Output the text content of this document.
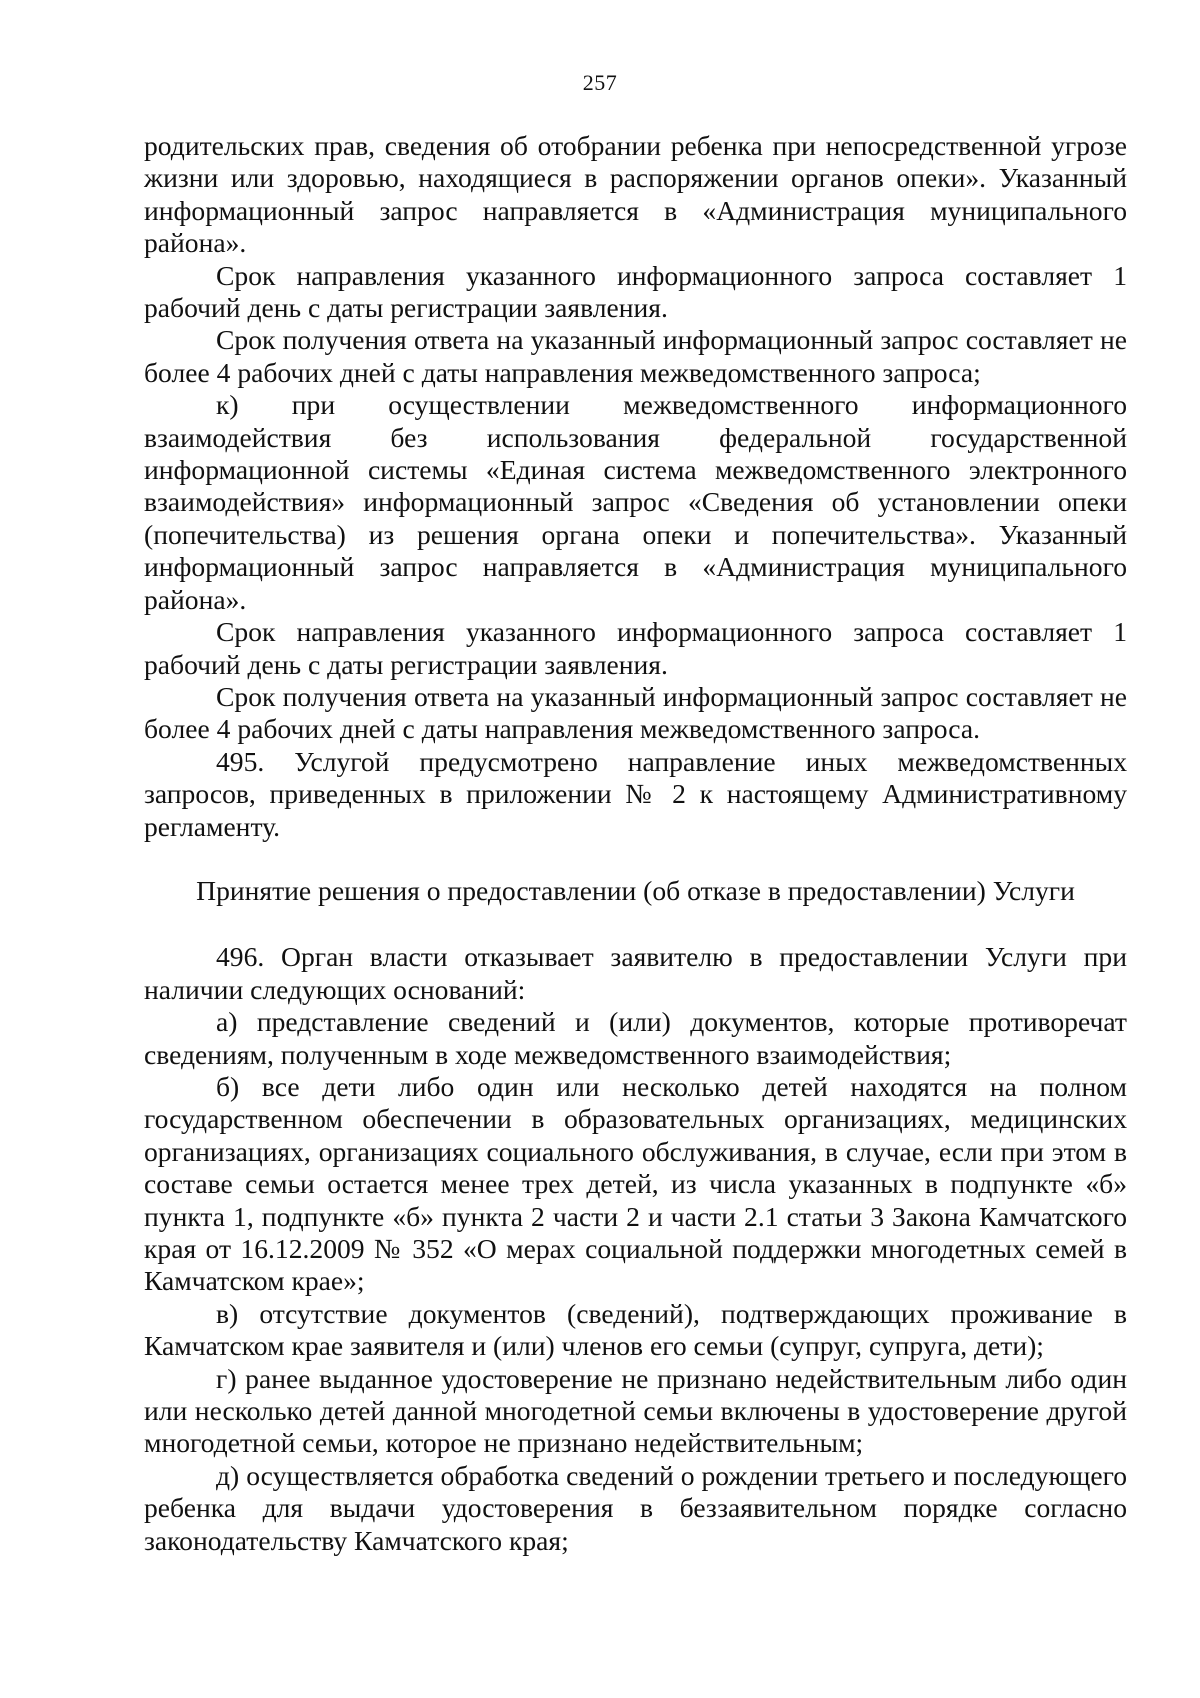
257

родительских прав, сведения об отобрании ребенка при непосредственной угрозе жизни или здоровью, находящиеся в распоряжении органов опеки». Указанный информационный запрос направляется в «Администрация муниципального района».

Срок направления указанного информационного запроса составляет 1 рабочий день с даты регистрации заявления.

Срок получения ответа на указанный информационный запрос составляет не более 4 рабочих дней с даты направления межведомственного запроса;

к) при осуществлении межведомственного информационного взаимодействия без использования федеральной государственной информационной системы «Единая система межведомственного электронного взаимодействия» информационный запрос «Сведения об установлении опеки (попечительства) из решения органа опеки и попечительства». Указанный информационный запрос направляется в «Администрация муниципального района».

Срок направления указанного информационного запроса составляет 1 рабочий день с даты регистрации заявления.

Срок получения ответа на указанный информационный запрос составляет не более 4 рабочих дней с даты направления межведомственного запроса.

495. Услугой предусмотрено направление иных межведомственных запросов, приведенных в приложении № 2 к настоящему Административному регламенту.

Принятие решения о предоставлении (об отказе в предоставлении) Услуги

496. Орган власти отказывает заявителю в предоставлении Услуги при наличии следующих оснований:

а) представление сведений и (или) документов, которые противоречат сведениям, полученным в ходе межведомственного взаимодействия;

б) все дети либо один или несколько детей находятся на полном государственном обеспечении в образовательных организациях, медицинских организациях, организациях социального обслуживания, в случае, если при этом в составе семьи остается менее трех детей, из числа указанных в подпункте «б» пункта 1, подпункте «б» пункта 2 части 2 и части 2.1 статьи 3 Закона Камчатского края от 16.12.2009 № 352 «О мерах социальной поддержки многодетных семей в Камчатском крае»;

в) отсутствие документов (сведений), подтверждающих проживание в Камчатском крае заявителя и (или) членов его семьи (супруг, супруга, дети);

г) ранее выданное удостоверение не признано недействительным либо один или несколько детей данной многодетной семьи включены в удостоверение другой многодетной семьи, которое не признано недействительным;

д) осуществляется обработка сведений о рождении третьего и последующего ребенка для выдачи удостоверения в беззаявительном порядке согласно законодательству Камчатского края;
